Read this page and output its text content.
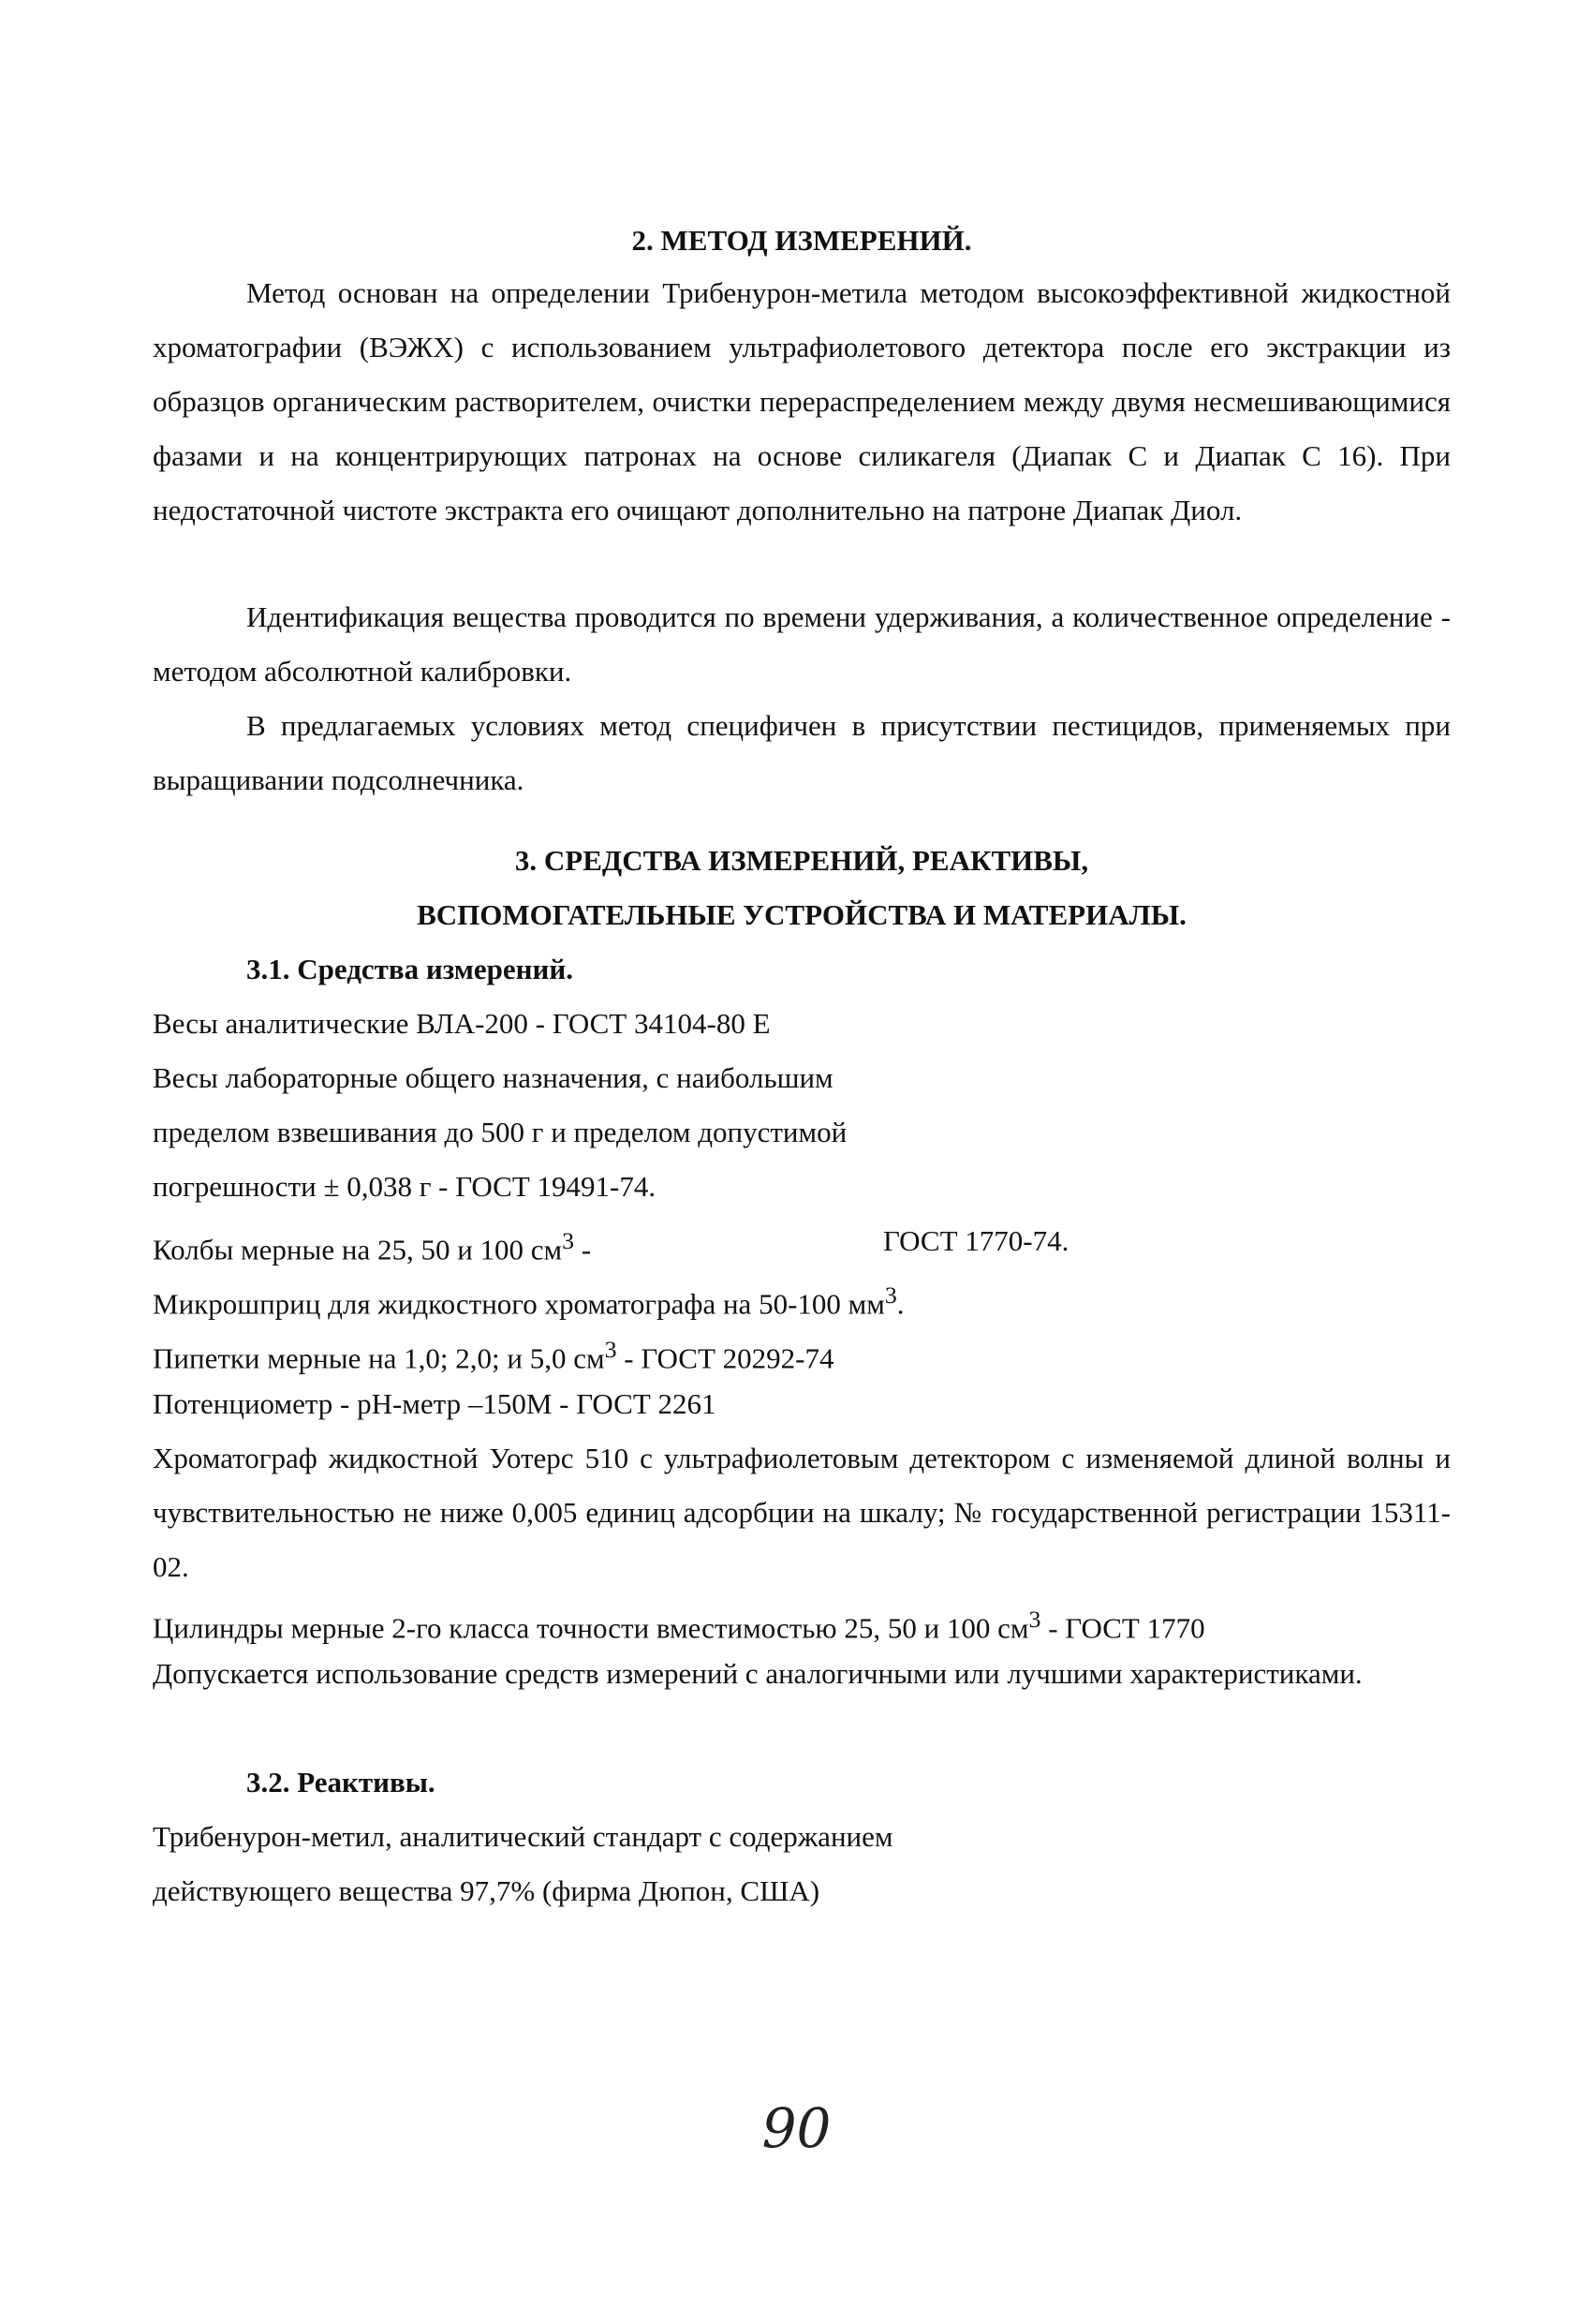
2. МЕТОД ИЗМЕРЕНИЙ.
Метод основан на определении Трибенурон-метила методом высокоэффективной жидкостной хроматографии (ВЭЖХ) с использованием ультрафиолетового детектора после его экстракции из образцов органическим растворителем, очистки перераспределением между двумя несмешивающимися фазами и на концентрирующих патронах на основе силикагеля (Диапак С и Диапак С 16). При недостаточной чистоте экстракта его очищают дополнительно на патроне Диапак Диол.
Идентификация вещества проводится по времени удерживания, а количественное определение - методом абсолютной калибровки.
В предлагаемых условиях метод специфичен в присутствии пестицидов, применяемых при выращивании подсолнечника.
3. СРЕДСТВА ИЗМЕРЕНИЙ, РЕАКТИВЫ,
ВСПОМОГАТЕЛЬНЫЕ УСТРОЙСТВА И МАТЕРИАЛЫ.
3.1. Средства измерений.
Весы аналитические ВЛА-200 - ГОСТ 34104-80 Е
Весы лабораторные общего назначения, с наибольшим
пределом взвешивания до 500 г и пределом допустимой
погрешности ± 0,038 г - ГОСТ 19491-74.
Колбы мерные на 25, 50 и 100 $см^3$ -	ГОСТ 1770-74.
Микрошприц для жидкостного хроматографа на 50-100 $мм^3$.
Пипетки мерные на 1,0; 2,0; и 5,0 $см^3$ - ГОСТ 20292-74
Потенциометр - рН-метр –150М - ГОСТ 2261
Хроматограф жидкостной Уотерс 510 с ультрафиолетовым детектором с изменяемой длиной волны и чувствительностью не ниже 0,005 единиц адсорбции на шкалу; № государственной регистрации 15311-02.
Цилиндры мерные 2-го класса точности вместимостью 25, 50 и 100 $см^3$ - ГОСТ 1770
Допускается использование средств измерений с аналогичными или лучшими характеристиками.
3.2. Реактивы.
Трибенурон-метил, аналитический стандарт с содержанием
действующего вещества 97,7% (фирма Дюпон, США)
90
